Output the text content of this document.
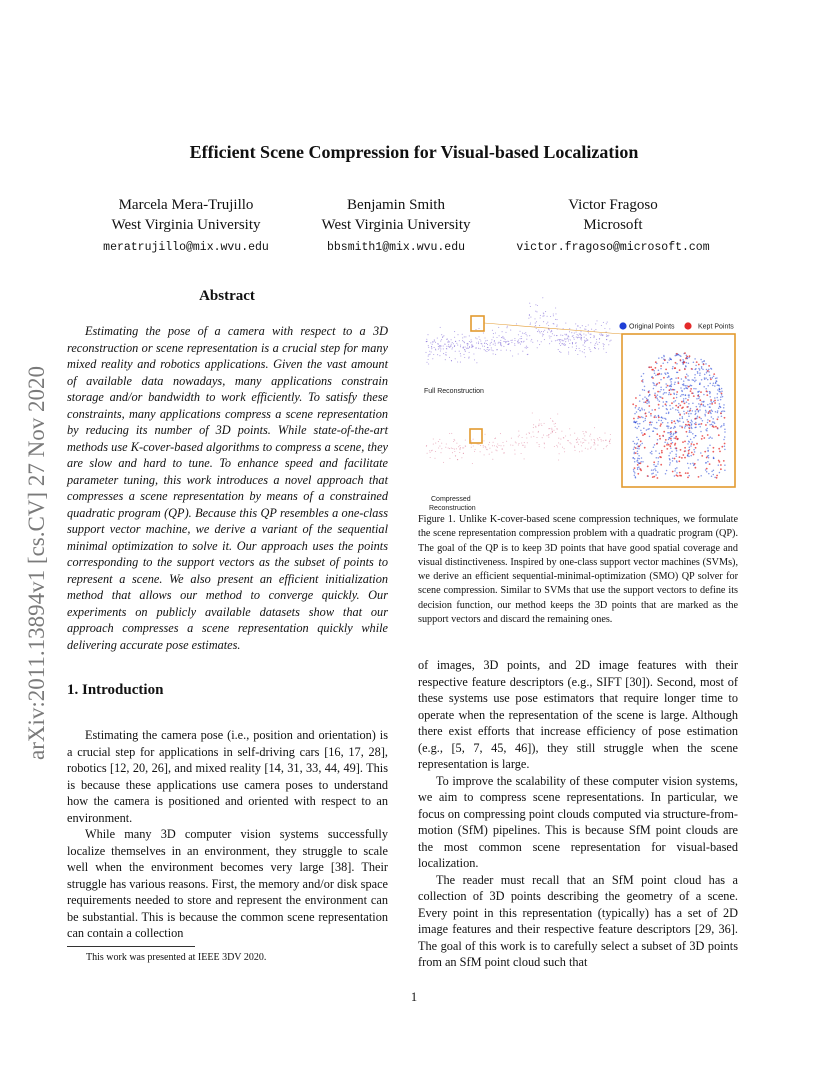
arXiv:2011.13894v1 [cs.CV] 27 Nov 2020
Efficient Scene Compression for Visual-based Localization
Marcela Mera-Trujillo
West Virginia University
meratrujillo@mix.wvu.edu
Benjamin Smith
West Virginia University
bbsmith1@mix.wvu.edu
Victor Fragoso
Microsoft
victor.fragoso@microsoft.com
Abstract

Estimating the pose of a camera with respect to a 3D reconstruction or scene representation is a crucial step for many mixed reality and robotics applications. Given the vast amount of available data nowadays, many applications constrain storage and/or bandwidth to work efficiently. To satisfy these constraints, many applications compress a scene representation by reducing its number of 3D points. While state-of-the-art methods use K-cover-based algorithms to compress a scene, they are slow and hard to tune. To enhance speed and facilitate parameter tuning, this work introduces a novel approach that compresses a scene representation by means of a constrained quadratic program (QP). Because this QP resembles a one-class support vector machine, we derive a variant of the sequential minimal optimization to solve it. Our approach uses the points corresponding to the support vectors as the subset of points to represent a scene. We also present an efficient initialization method that allows our method to converge quickly. Our experiments on publicly available datasets show that our approach compresses a scene representation quickly while delivering accurate pose estimates.

1. Introduction

Estimating the camera pose (i.e., position and orientation) is a crucial step for applications in self-driving cars [16, 17, 28], robotics [12, 20, 26], and mixed reality [14, 31, 33, 44, 49]. This is because these applications use camera poses to understand how the camera is positioned and oriented with respect to an environment.

While many 3D computer vision systems successfully localize themselves in an environment, they struggle to scale well when the environment becomes very large [38]. Their struggle has various reasons. First, the memory and/or disk space requirements needed to store and represent the environment can be substantial. This is because the common scene representation can contain a collection

This work was presented at IEEE 3DV 2020.
Original Points	Kept Points
Full Reconstruction
Compressed
Reconstruction
Figure 1. Unlike K-cover-based scene compression techniques, we formulate the scene representation compression problem with a quadratic program (QP). The goal of the QP is to keep 3D points that have good spatial coverage and visual distinctiveness. Inspired by one-class support vector machines (SVMs), we derive an efficient sequential-minimal-optimization (SMO) QP solver for scene compression. Similar to SVMs that use the support vectors to define its decision function, our method keeps the 3D points that are marked as the support vectors and discard the remaining ones.

of images, 3D points, and 2D image features with their respective feature descriptors (e.g., SIFT [30]). Second, most of these systems use pose estimators that require longer time to operate when the representation of the scene is large. Although there exist efforts that increase efficiency of pose estimation (e.g., [5, 7, 45, 46]), they still struggle when the scene representation is large.

To improve the scalability of these computer vision systems, we aim to compress scene representations. In particular, we focus on compressing point clouds computed via structure-from-motion (SfM) pipelines. This is because SfM point clouds are the most common scene representation for visual-based localization.

The reader must recall that an SfM point cloud has a collection of 3D points describing the geometry of a scene. Every point in this representation (typically) has a set of 2D image features and their respective feature descriptors [29, 36]. The goal of this work is to carefully select a subset of 3D points from an SfM point cloud such that

1
